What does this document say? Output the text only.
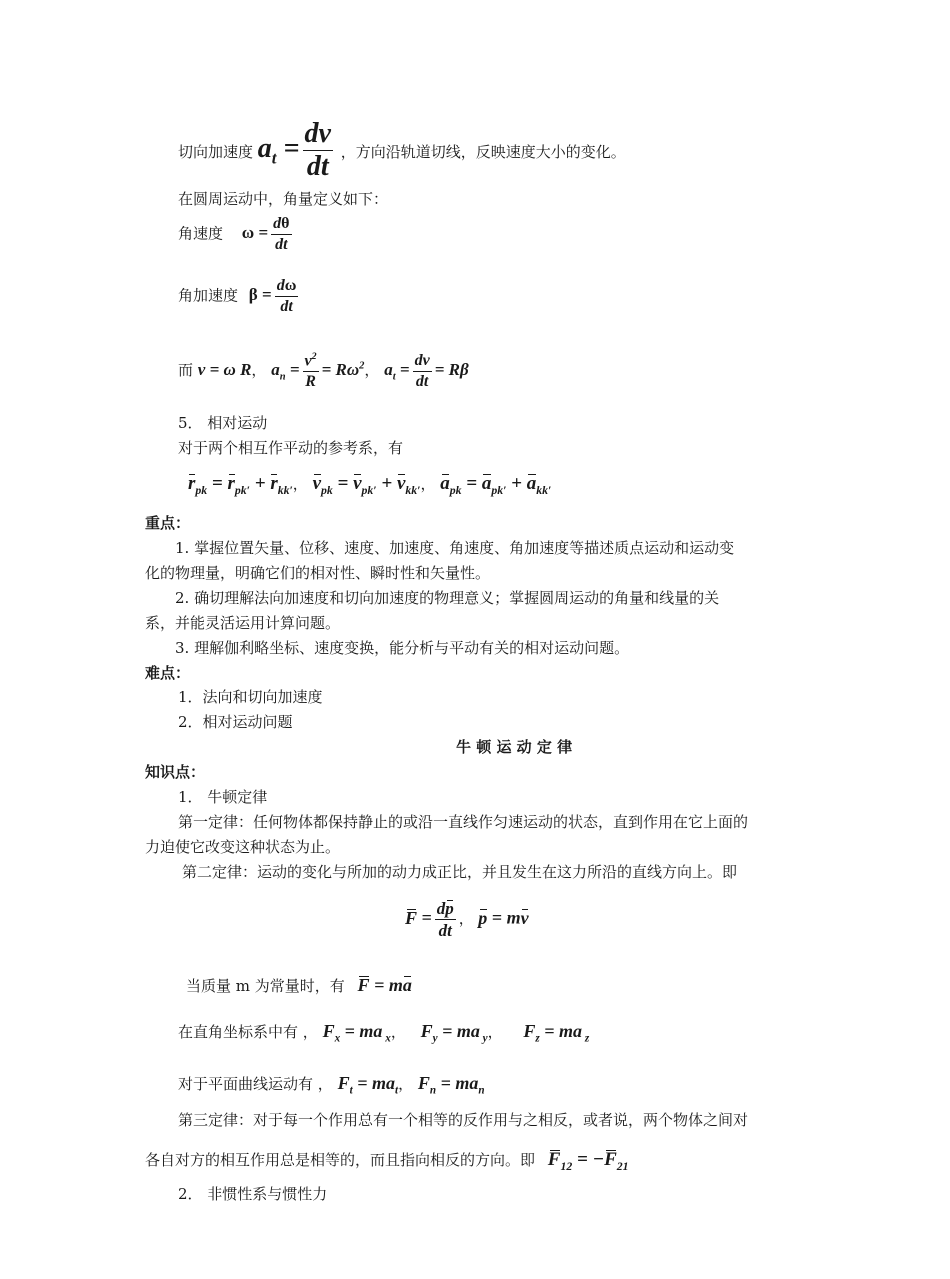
切向加速度 $a_t = \frac{dv}{dt}$ ，方向沿轨道切线，反映速度大小的变化。
在圆周运动中，角量定义如下：
角速度 $\omega = \frac{d\theta}{dt}$
角加速度 $\beta = \frac{d\omega}{dt}$
而 v = ω R， $a_n = \frac{v^2}{R} = R\omega^2$， $a_t = \frac{dv}{dt} = R\beta$
5． 相对运动
对于两个相互作平动的参考系，有
$r_{pk} = r_{pk'} + r_{kk'}$， $v_{pk} = v_{pk'} + v_{kk'}$， $a_{pk} = a_{pk'} + a_{kk'}$
重点：
1. 掌握位置矢量、位移、速度、加速度、角速度、角加速度等描述质点运动和运动变
化的物理量，明确它们的相对性、瞬时性和矢量性。
2. 确切理解法向加速度和切向加速度的物理意义；掌握圆周运动的角量和线量的关
系，并能灵活运用计算问题。
3. 理解伽利略坐标、速度变换，能分析与平动有关的相对运动问题。
难点：
1．法向和切向加速度
2．相对运动问题
牛 顿 运 动 定 律
知识点：
1． 牛顿定律
第一定律：任何物体都保持静止的或沿一直线作匀速运动的状态，直到作用在它上面的
力迫使它改变这种状态为止。
第二定律：运动的变化与所加的动力成正比，并且发生在这力所沿的直线方向上。即
$F = \frac{dp}{dt}$ ， p = mv
当质量 m 为常量时，有 F = ma
在直角坐标系中有 ， $F_x$ = ma $_x$， $F_y$ = ma $_y$， $F_z$ = ma $_z$
对于平面曲线运动有 ， $F_t = ma_t$， $F_n = ma_n$
第三定律：对于每一个作用总有一个相等的反作用与之相反，或者说，两个物体之间对
各自对方的相互作用总是相等的，而且指向相反的方向。即 $F_{12} = -F_{21}$
2． 非惯性系与惯性力
